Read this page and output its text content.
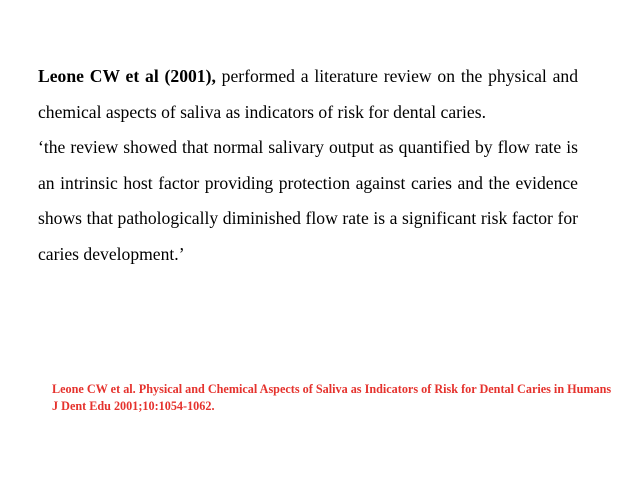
Leone CW et al (2001), performed a literature review on the physical and chemical aspects of saliva as indicators of risk for dental caries.

‘the review showed that normal salivary output as quantified by flow rate is an intrinsic host factor providing protection against caries and the evidence shows that pathologically diminished flow rate is a significant risk factor for caries development.’

Leone CW et al. Physical and Chemical Aspects of Saliva as Indicators of Risk for Dental Caries in Humans J Dent Edu 2001;10:1054-1062.
